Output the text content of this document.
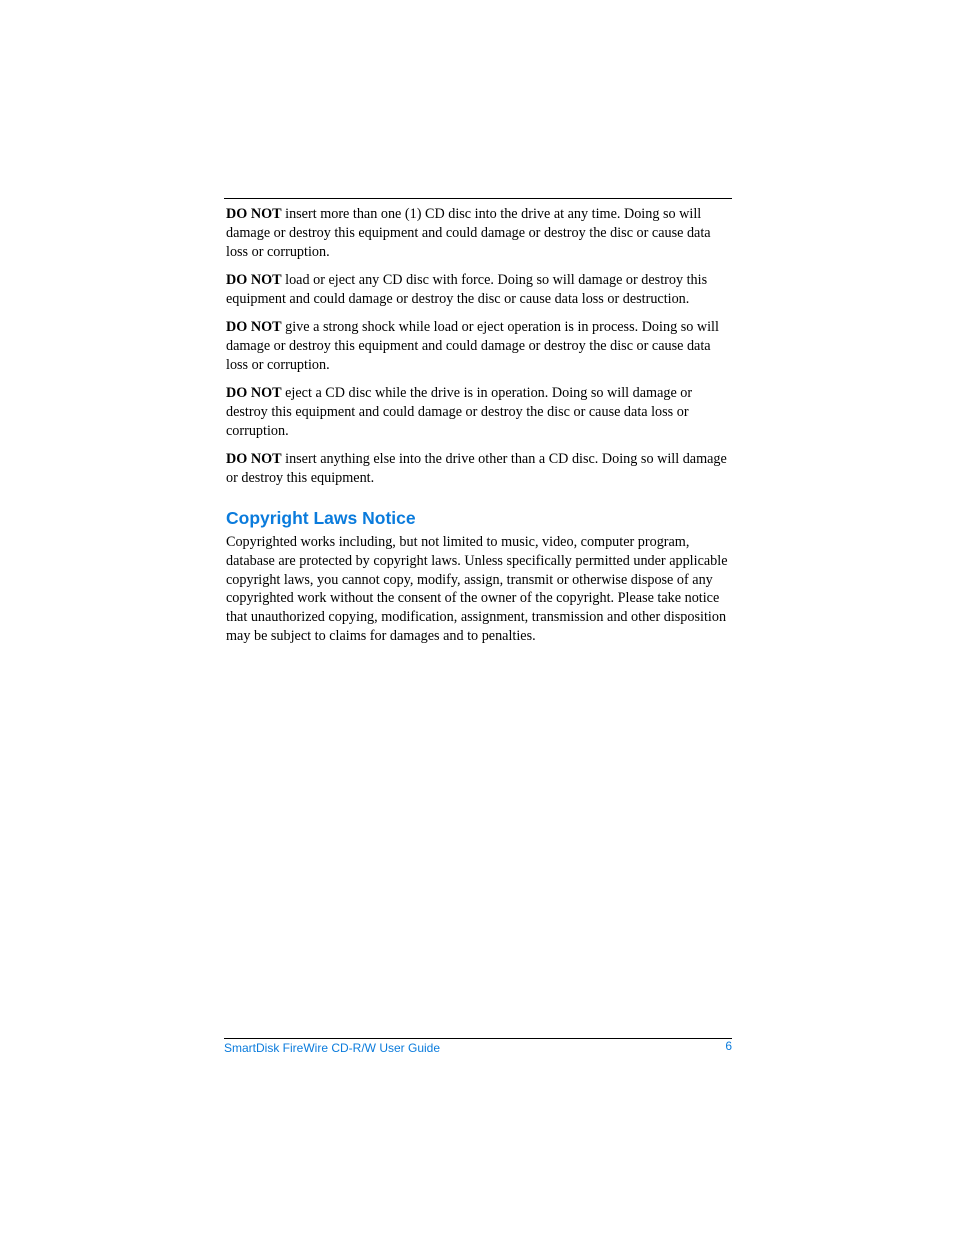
DO NOT insert more than one (1) CD disc into the drive at any time. Doing so will damage or destroy this equipment and could damage or destroy the disc or cause data loss or corruption.

DO NOT load or eject any CD disc with force. Doing so will damage or destroy this equipment and could damage or destroy the disc or cause data loss or destruction.

DO NOT give a strong shock while load or eject operation is in process. Doing so will damage or destroy this equipment and could damage or destroy the disc or cause data loss or corruption.

DO NOT eject a CD disc while the drive is in operation. Doing so will damage or destroy this equipment and could damage or destroy the disc or cause data loss or corruption.

DO NOT insert anything else into the drive other than a CD disc. Doing so will damage or destroy this equipment.

Copyright Laws Notice

Copyrighted works including, but not limited to music, video, computer program, database are protected by copyright laws. Unless specifically permitted under applicable copyright laws, you cannot copy, modify, assign, transmit or otherwise dispose of any copyrighted work without the consent of the owner of the copyright. Please take notice that unauthorized copying, modification, assignment, transmission and other disposition may be subject to claims for damages and to penalties.

SmartDisk FireWire CD-R/W User Guide	6
